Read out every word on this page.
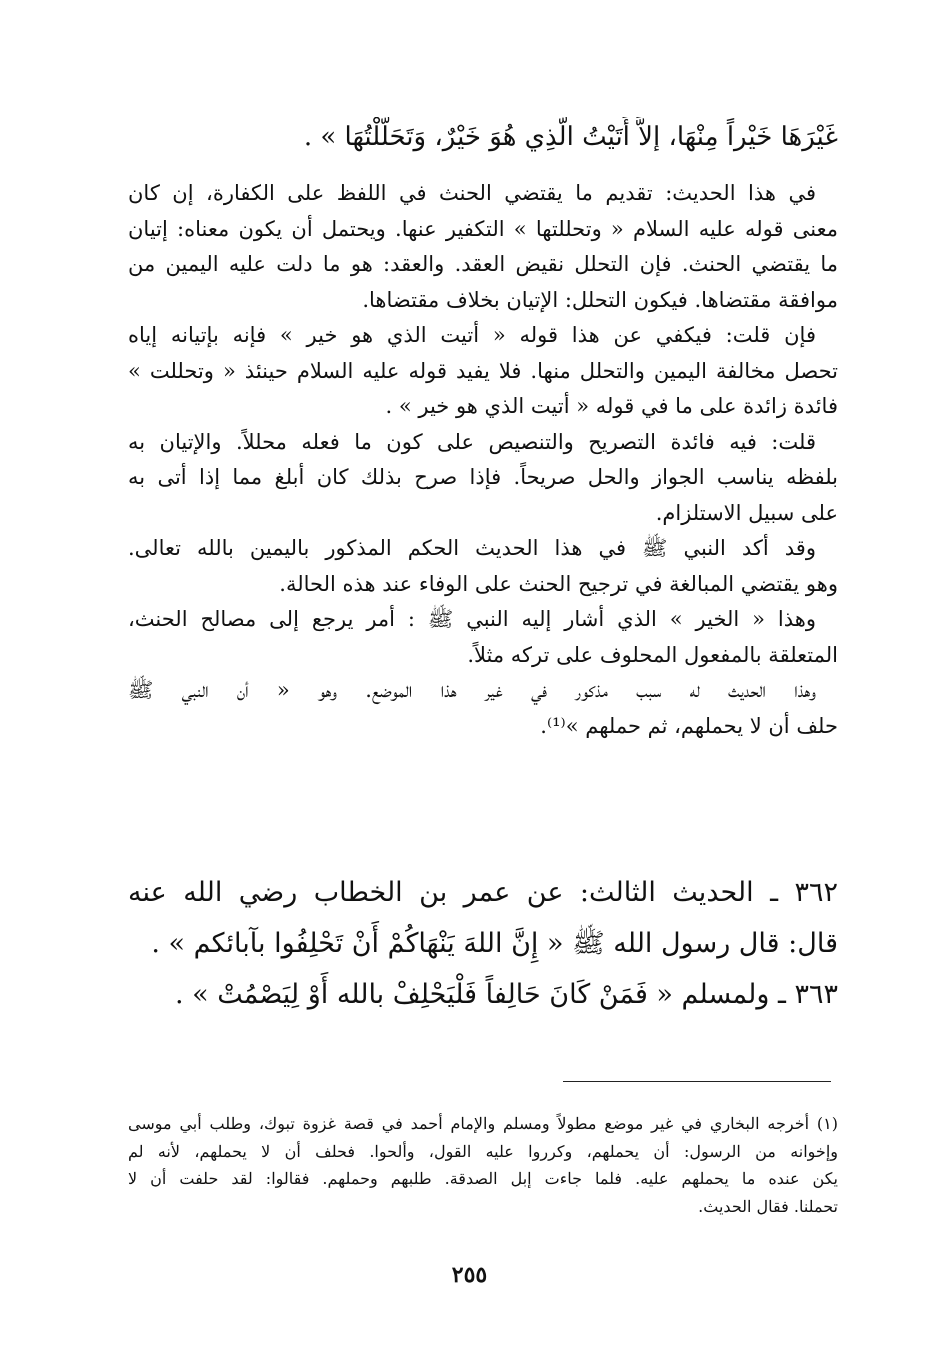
غَيْرَهَا خَيْراً مِنْهَا، إلاَّ أَتَيْتُ الَّذِي هُوَ خَيْرٌ، وَتَحَلَّلْتُهَا » .
في هذا الحديث: تقديم ما يقتضي الحنث في اللفظ على الكفارة، إن كان
معنى قوله عليه السلام « وتحللتها » التكفير عنها. ويحتمل أن يكون معناه: إتيان
ما يقتضي الحنث. فإن التحلل نقيض العقد. والعقد: هو ما دلت عليه اليمين من
موافقة مقتضاها. فيكون التحلل: الإتيان بخلاف مقتضاها.
فإن قلت: فيكفي عن هذا قوله « أتيت الذي هو خير » فإنه بإتيانه إياه
تحصل مخالفة اليمين والتحلل منها. فلا يفيد قوله عليه السلام حينئذ « وتحللت »
فائدة زائدة على ما في قوله « أتيت الذي هو خير » .
قلت: فيه فائدة التصريح والتنصيص على كون ما فعله محللاً. والإتيان به
بلفظه يناسب الجواز والحل صريحاً. فإذا صرح بذلك كان أبلغ مما إذا أتى به
على سبيل الاستلزام.
وقد أكد النبي ﷺ في هذا الحديث الحكم المذكور باليمين بالله تعالى.
وهو يقتضي المبالغة في ترجيح الحنث على الوفاء عند هذه الحالة.
وهذا « الخير » الذي أشار إليه النبي ﷺ : أمر يرجع إلى مصالح الحنث،
المتعلقة بالمفعول المحلوف على تركه مثلاً.
وهذا الحديث له سبب مذكور في غير هذا الموضع. وهو « أن النبي ﷺ
حلف أن لا يحملهم، ثم حملهم »⁽¹⁾.
٣٦٢ ـ الحديث الثالث: عن عمر بن الخطاب رضي الله عنه
قال: قال رسول الله ﷺ « إِنَّ اللهَ يَنْهَاكُمْ أَنْ تَحْلِفُوا بآبائكم » .
٣٦٣ ـ ولمسلم « فَمَنْ كَانَ حَالِفاً فَلْيَحْلِفْ بالله أَوْ لِيَصْمُتْ » .
(١) أخرجه البخاري في غير موضع مطولاً ومسلم والإمام أحمد في قصة غزوة تبوك، وطلب أبي موسى
وإخوانه من الرسول: أن يحملهم، وكرروا عليه القول، وألحوا. فحلف أن لا يحملهم، لأنه لم
يكن عنده ما يحملهم عليه. فلما جاءت إبل الصدقة. طلبهم وحملهم. فقالوا: لقد حلفت أن لا
تحملنا. فقال الحديث.
٢٥٥
